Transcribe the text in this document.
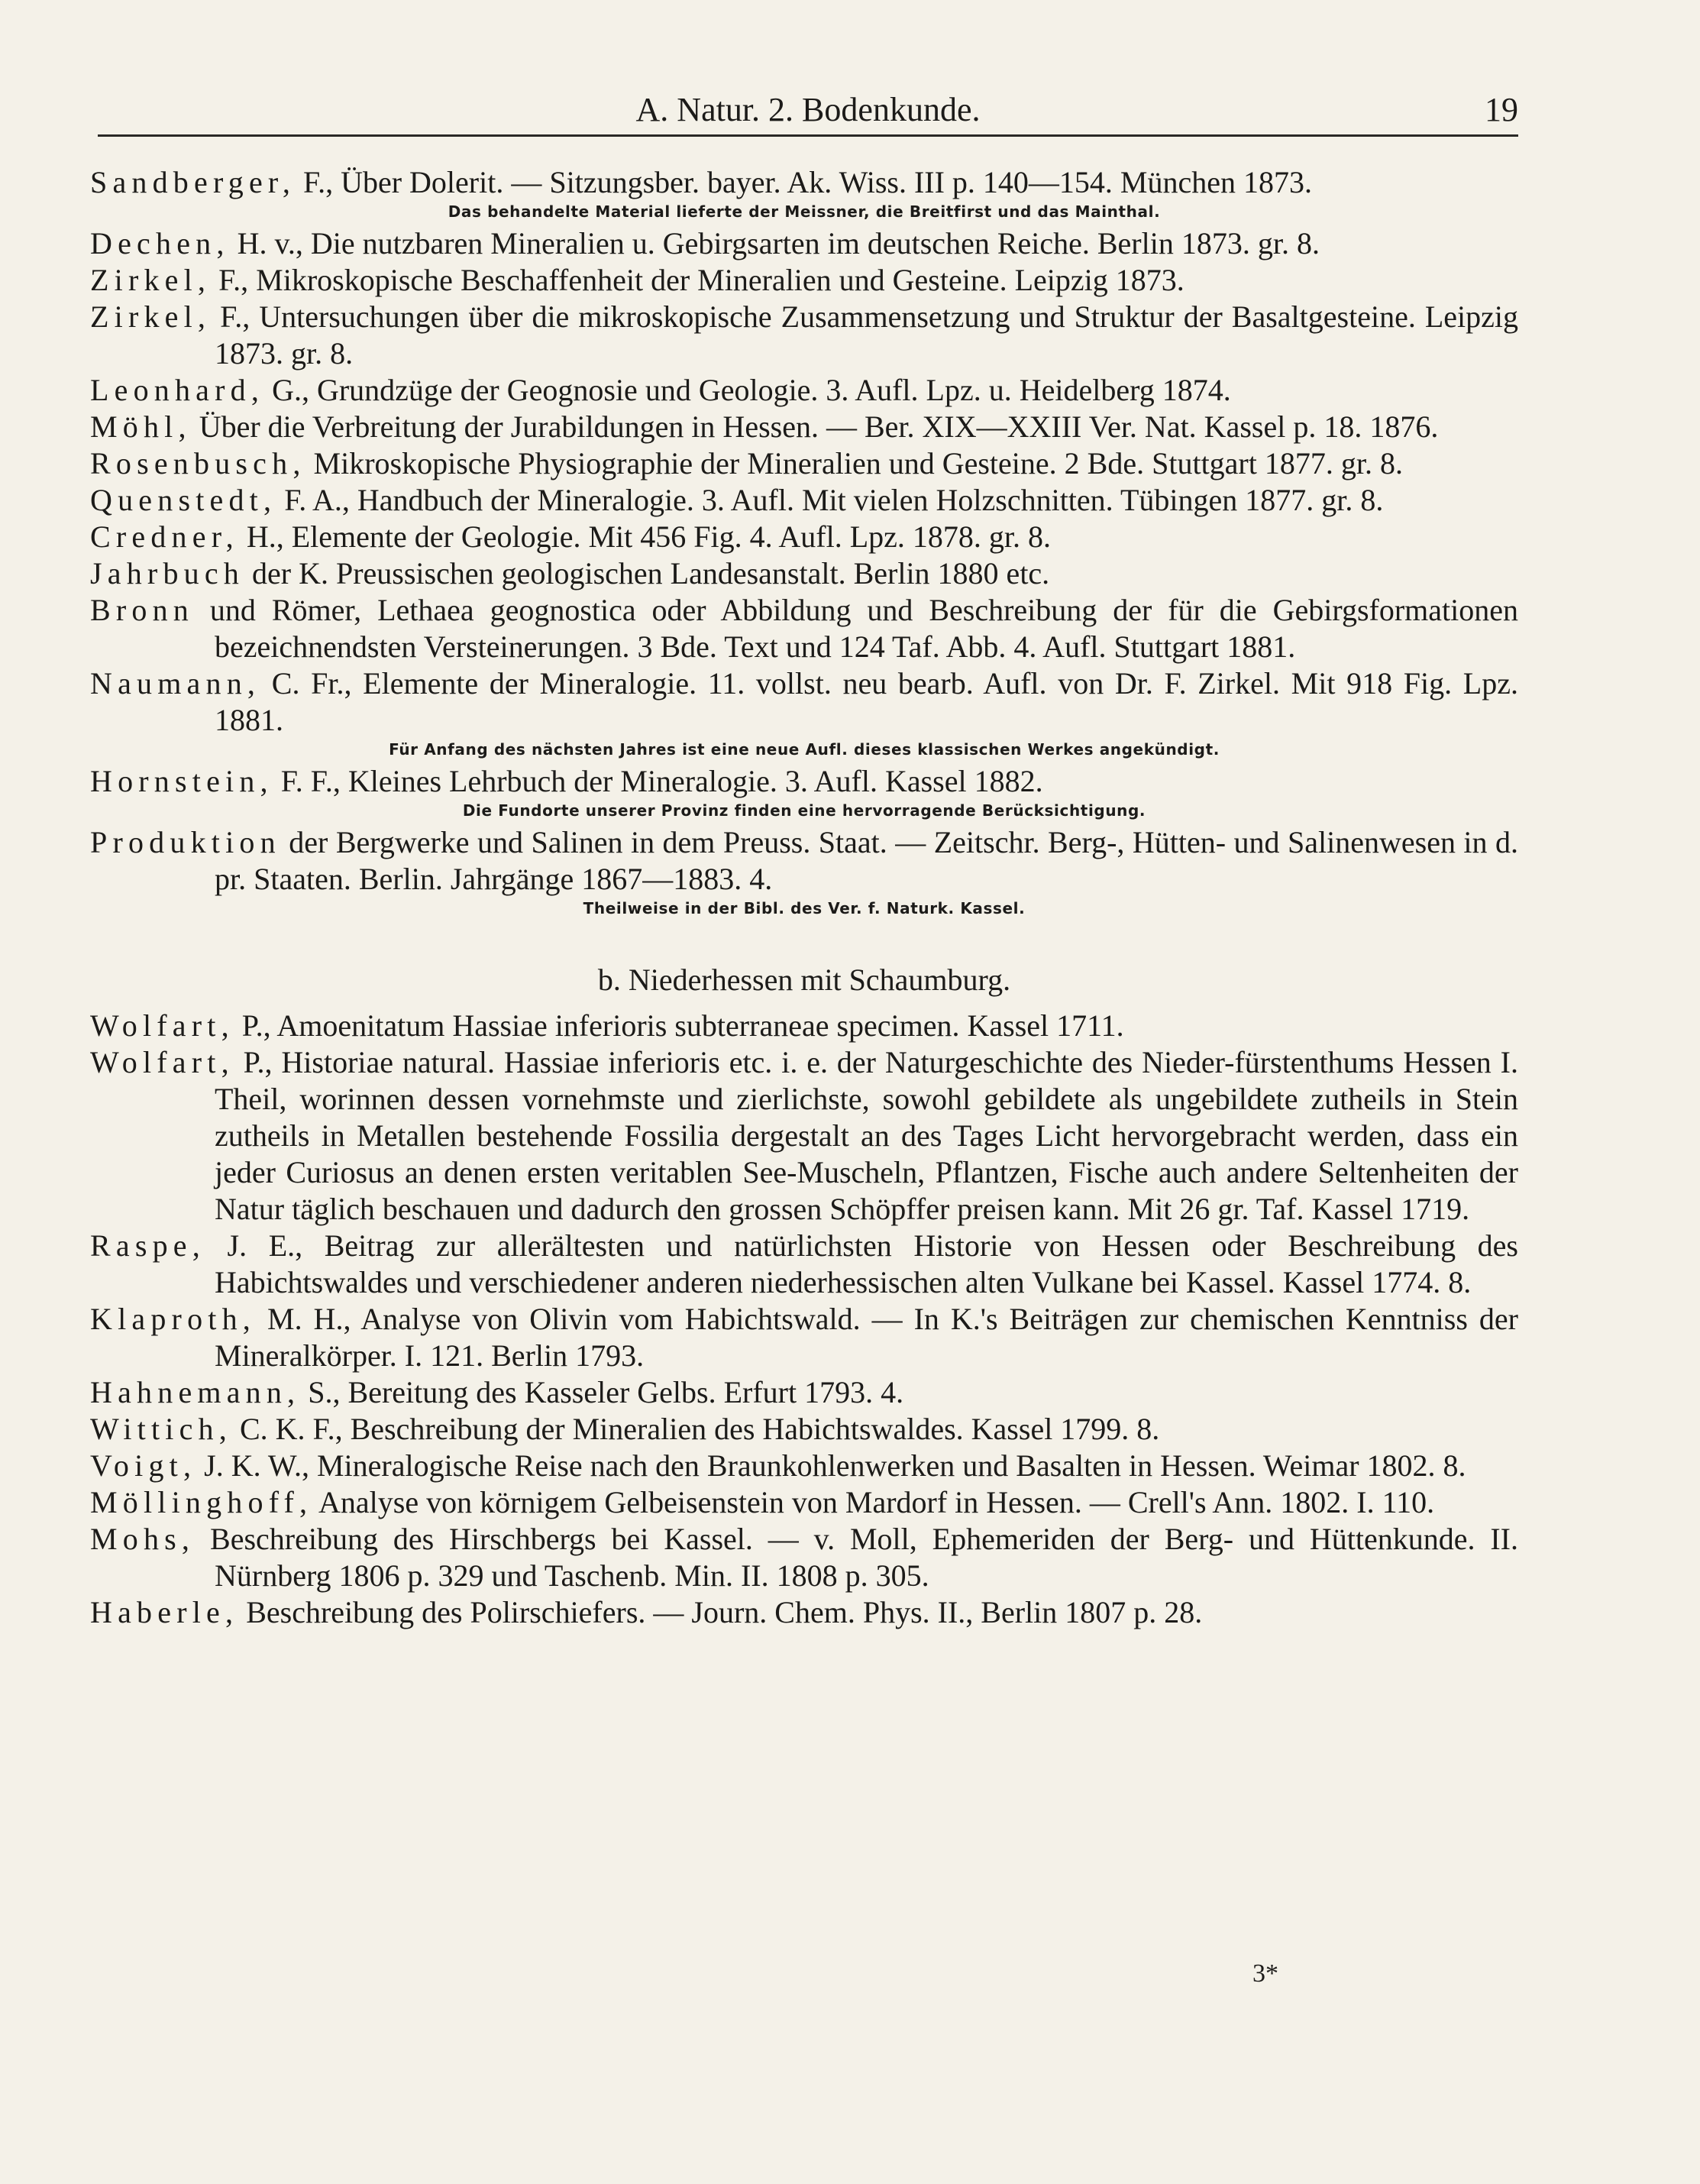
A. Natur. 2. Bodenkunde.	19

Sandberger, F., Über Dolerit. — Sitzungsber. bayer. Ak. Wiss. III p. 140—154. München 1873.

Das behandelte Material lieferte der Meissner, die Breitfirst und das Mainthal.

Dechen, H. v., Die nutzbaren Mineralien u. Gebirgsarten im deutschen Reiche. Berlin 1873. gr. 8.

Zirkel, F., Mikroskopische Beschaffenheit der Mineralien und Gesteine. Leipzig 1873.

Zirkel, F., Untersuchungen über die mikroskopische Zusammensetzung und Struktur der Basaltgesteine. Leipzig 1873. gr. 8.

Leonhard, G., Grundzüge der Geognosie und Geologie. 3. Aufl. Lpz. u. Heidelberg 1874.

Möhl, Über die Verbreitung der Jurabildungen in Hessen. — Ber. XIX—XXIII Ver. Nat. Kassel p. 18. 1876.

Rosenbusch, Mikroskopische Physiographie der Mineralien und Gesteine. 2 Bde. Stuttgart 1877. gr. 8.

Quenstedt, F. A., Handbuch der Mineralogie. 3. Aufl. Mit vielen Holzschnitten. Tübingen 1877. gr. 8.

Credner, H., Elemente der Geologie. Mit 456 Fig. 4. Aufl. Lpz. 1878. gr. 8.

Jahrbuch der K. Preussischen geologischen Landesanstalt. Berlin 1880 etc.

Bronn und Römer, Lethaea geognostica oder Abbildung und Beschreibung der für die Gebirgsformationen bezeichnendsten Versteinerungen. 3 Bde. Text und 124 Taf. Abb. 4. Aufl. Stuttgart 1881.

Naumann, C. Fr., Elemente der Mineralogie. 11. vollst. neu bearb. Aufl. von Dr. F. Zirkel. Mit 918 Fig. Lpz. 1881.

Für Anfang des nächsten Jahres ist eine neue Aufl. dieses klassischen Werkes angekündigt.

Hornstein, F. F., Kleines Lehrbuch der Mineralogie. 3. Aufl. Kassel 1882.

Die Fundorte unserer Provinz finden eine hervorragende Berücksichtigung.

Produktion der Bergwerke und Salinen in dem Preuss. Staat. — Zeitschr. Berg-, Hütten- und Salinenwesen in d. pr. Staaten. Berlin. Jahrgänge 1867—1883. 4.

Theilweise in der Bibl. des Ver. f. Naturk. Kassel.

b. Niederhessen mit Schaumburg.

Wolfart, P., Amoenitatum Hassiae inferioris subterraneae specimen. Kassel 1711.

Wolfart, P., Historiae natural. Hassiae inferioris etc. i. e. der Naturgeschichte des Nieder-fürstenthums Hessen I. Theil, worinnen dessen vornehmste und zierlichste, sowohl gebildete als ungebildete zutheils in Stein zutheils in Metallen bestehende Fossilia dergestalt an des Tages Licht hervorgebracht werden, dass ein jeder Curiosus an denen ersten veritablen See-Muscheln, Pflantzen, Fische auch andere Seltenheiten der Natur täglich beschauen und dadurch den grossen Schöpffer preisen kann. Mit 26 gr. Taf. Kassel 1719.

Raspe, J. E., Beitrag zur allerältesten und natürlichsten Historie von Hessen oder Beschreibung des Habichtswaldes und verschiedener anderen niederhessischen alten Vulkane bei Kassel. Kassel 1774. 8.

Klaproth, M. H., Analyse von Olivin vom Habichtswald. — In K.'s Beiträgen zur chemischen Kenntniss der Mineralkörper. I. 121. Berlin 1793.

Hahnemann, S., Bereitung des Kasseler Gelbs. Erfurt 1793. 4.

Wittich, C. K. F., Beschreibung der Mineralien des Habichtswaldes. Kassel 1799. 8.

Voigt, J. K. W., Mineralogische Reise nach den Braunkohlenwerken und Basalten in Hessen. Weimar 1802. 8.

Möllinghoff, Analyse von körnigem Gelbeisenstein von Mardorf in Hessen. — Crell's Ann. 1802. I. 110.

Mohs, Beschreibung des Hirschbergs bei Kassel. — v. Moll, Ephemeriden der Berg- und Hüttenkunde. II. Nürnberg 1806 p. 329 und Taschenb. Min. II. 1808 p. 305.

Haberle, Beschreibung des Polirschiefers. — Journ. Chem. Phys. II., Berlin 1807 p. 28.

3*
